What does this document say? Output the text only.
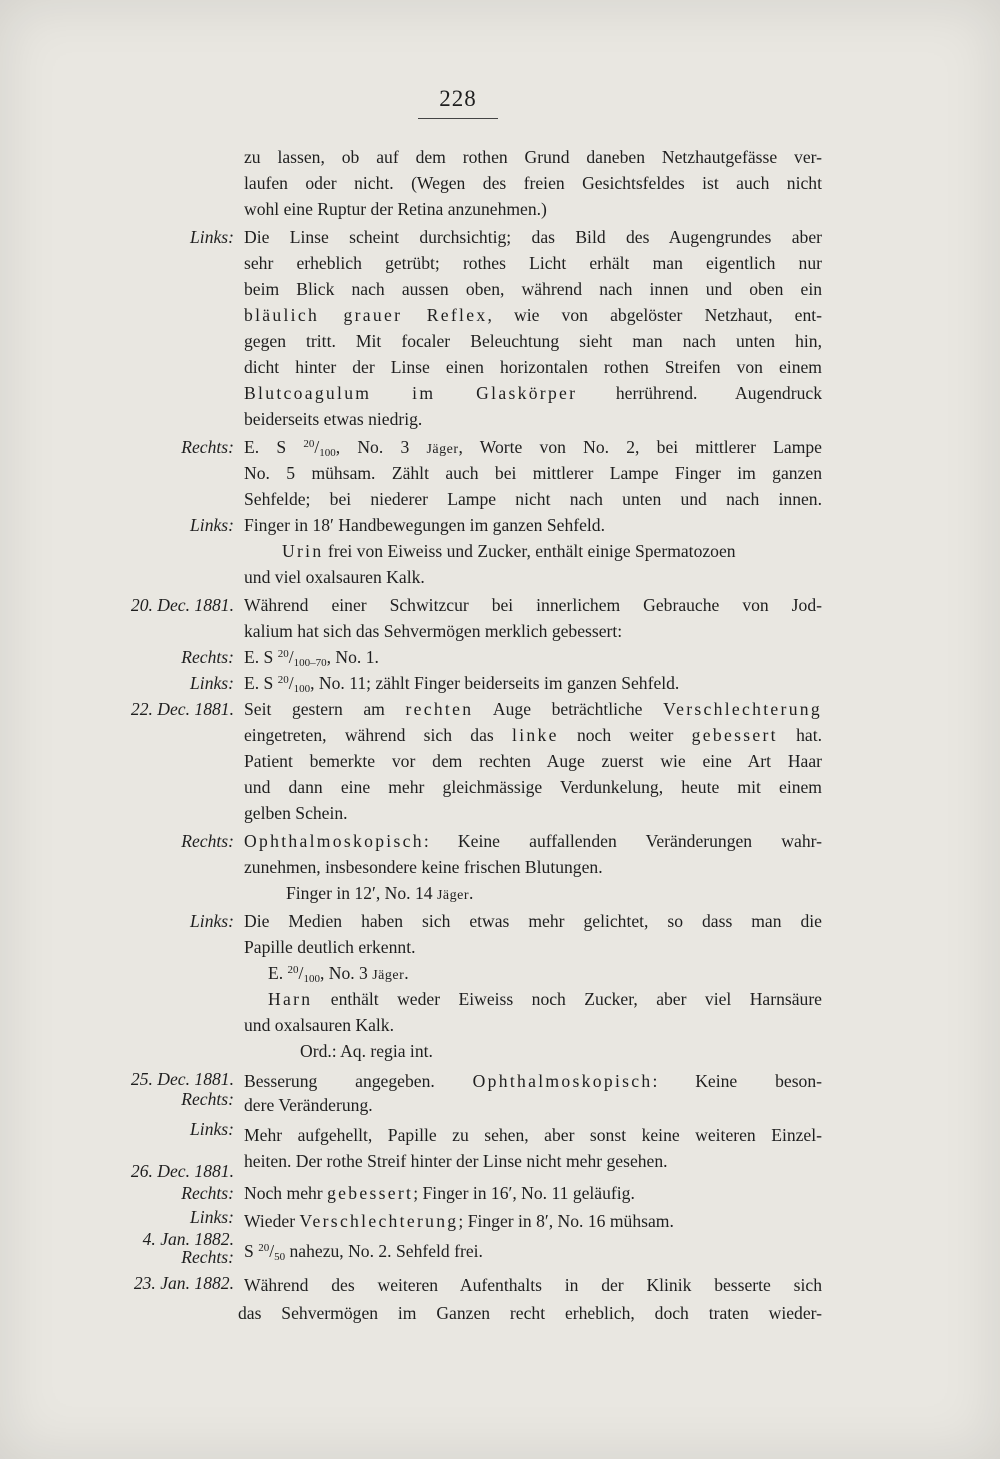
228
zu lassen, ob auf dem rothen Grund daneben Netzhautgefässe ver-
laufen oder nicht. (Wegen des freien Gesichtsfeldes ist auch nicht
wohl eine Ruptur der Retina anzunehmen.)
Links: Die Linse scheint durchsichtig; das Bild des Augengrundes aber
sehr erheblich getrübt; rothes Licht erhält man eigentlich nur
beim Blick nach aussen oben, während nach innen und oben ein
bläulich grauer Reflex, wie von abgelöster Netzhaut, ent-
gegen tritt. Mit focaler Beleuchtung sieht man nach unten hin,
dicht hinter der Linse einen horizontalen rothen Streifen von einem
Blutcoagulum im Glaskörper herrührend. Augendruck
beiderseits etwas niedrig.
Rechts: E. S $^{20}/_{100}$, No. 3 Jäger, Worte von No. 2, bei mittlerer Lampe
No. 5 mühsam. Zählt auch bei mittlerer Lampe Finger im ganzen
Sehfelde; bei niederer Lampe nicht nach unten und nach innen.
Links: Finger in 18′ Handbewegungen im ganzen Sehfeld.
Urin frei von Eiweiss und Zucker, enthält einige Spermatozoen
und viel oxalsauren Kalk.
20. Dec. 1881. Während einer Schwitzcur bei innerlichem Gebrauche von Jod-
kalium hat sich das Sehvermögen merklich gebessert:
Rechts: E. S $^{20}/_{100-70}$, No. 1.
Links: E. S $^{20}/_{100}$, No. 11; zählt Finger beiderseits im ganzen Sehfeld.
22. Dec. 1881. Seit gestern am rechten Auge beträchtliche Verschlechterung
eingetreten, während sich das linke noch weiter gebessert hat.
Patient bemerkte vor dem rechten Auge zuerst wie eine Art Haar
und dann eine mehr gleichmässige Verdunkelung, heute mit einem
gelben Schein.
Rechts: Ophthalmoskopisch: Keine auffallenden Veränderungen wahr-
zunehmen, insbesondere keine frischen Blutungen.
Finger in 12′, No. 14 Jäger.
Links: Die Medien haben sich etwas mehr gelichtet, so dass man die
Papille deutlich erkennt.
E. $^{20}/_{100}$, No. 3 Jäger.
Harn enthält weder Eiweiss noch Zucker, aber viel Harnsäure
und oxalsauren Kalk.
Ord.: Aq. regia int.
25. Dec. 1881.
Rechts:
Besserung angegeben. Ophthalmoskopisch: Keine beson-
dere Veränderung.
Links: Mehr aufgehellt, Papille zu sehen, aber sonst keine weiteren Einzel-
heiten. Der rothe Streif hinter der Linse nicht mehr gesehen.
26. Dec. 1881.
Rechts: Noch mehr gebessert; Finger in 16′, No. 11 geläufig.
Links: Wieder Verschlechterung; Finger in 8′, No. 16 mühsam.
4. Jan. 1882.
Rechts: S $^{20}/_{50}$ nahezu, No. 2. Sehfeld frei.
23. Jan. 1882. Während des weiteren Aufenthalts in der Klinik besserte sich
das Sehvermögen im Ganzen recht erheblich, doch traten wieder-
